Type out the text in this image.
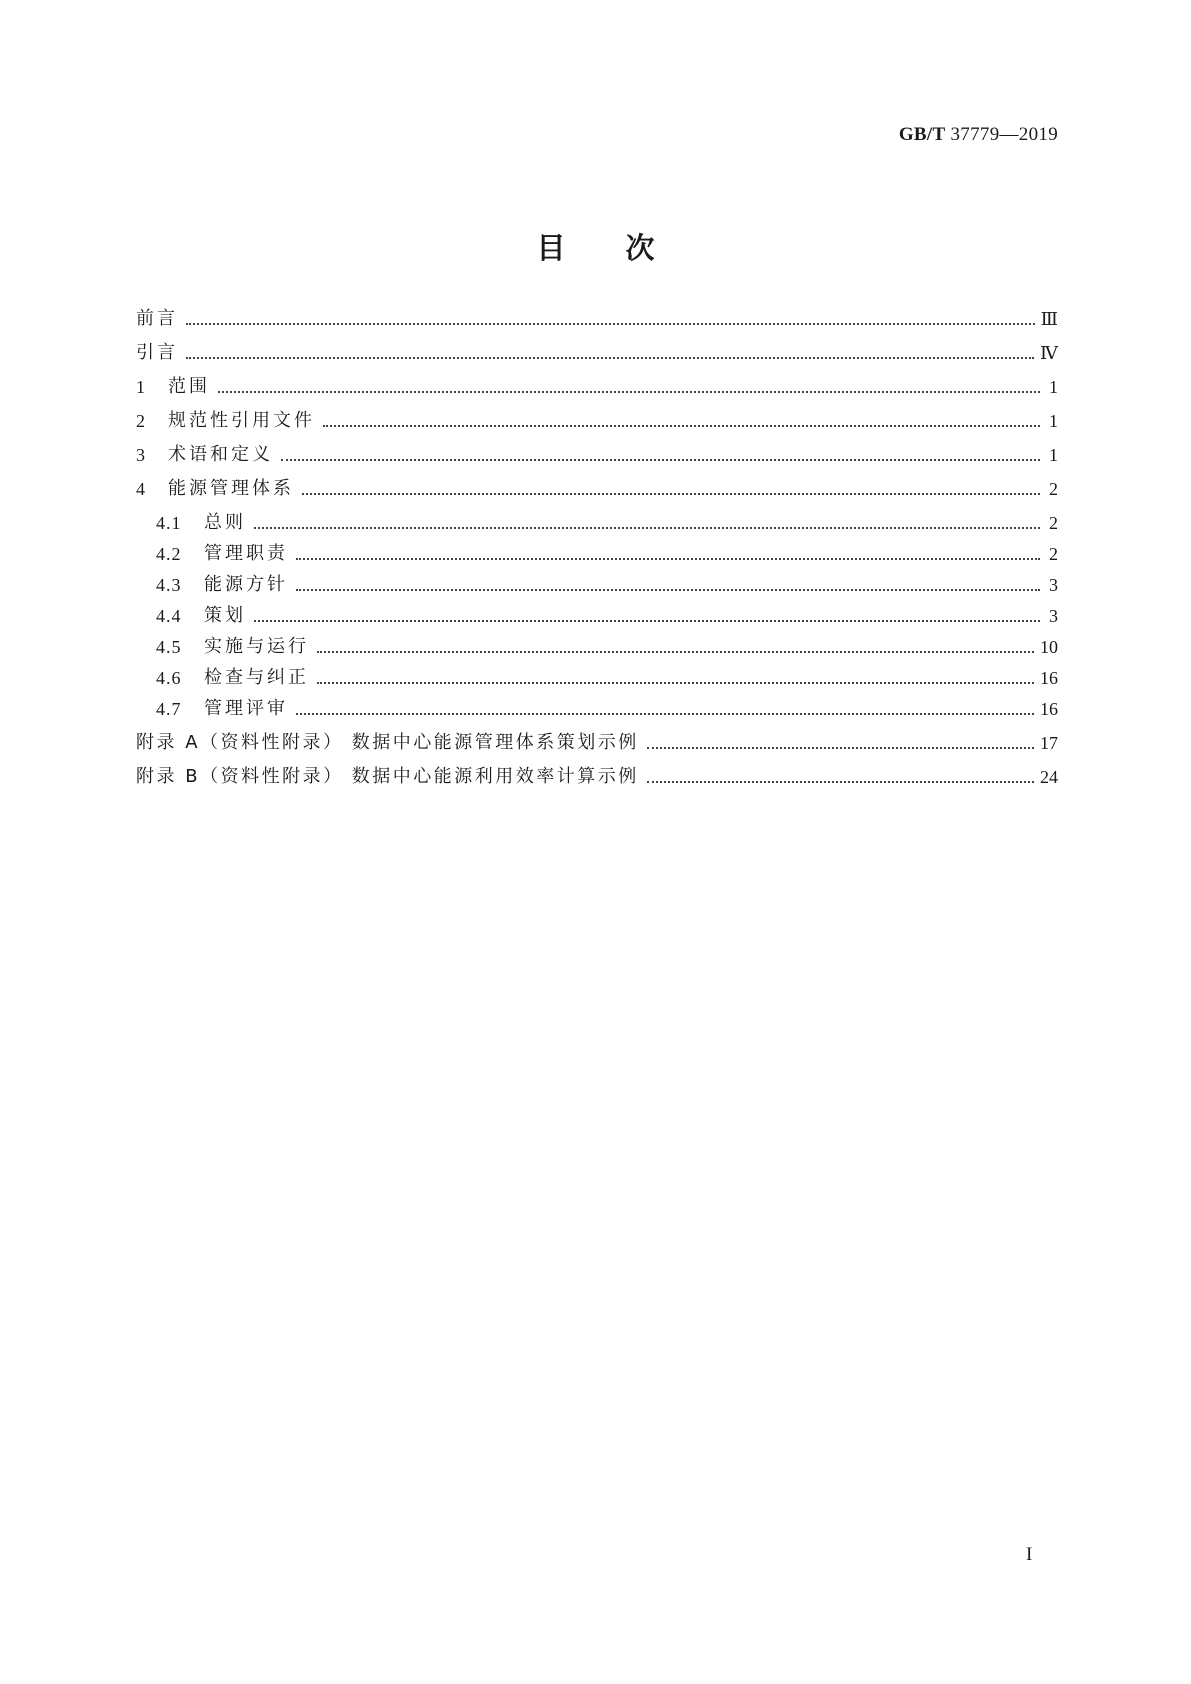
GB/T 37779—2019
目次
前言	Ⅲ
引言	Ⅳ
1	范围	1
2	规范性引用文件	1
3	术语和定义	1
4	能源管理体系	2
4.1	总则	2
4.2	管理职责	2
4.3	能源方针	3
4.4	策划	3
4.5	实施与运行	10
4.6	检查与纠正	16
4.7	管理评审	16
附录 A（资料性附录） 数据中心能源管理体系策划示例	17
附录 B（资料性附录） 数据中心能源利用效率计算示例	24
I
